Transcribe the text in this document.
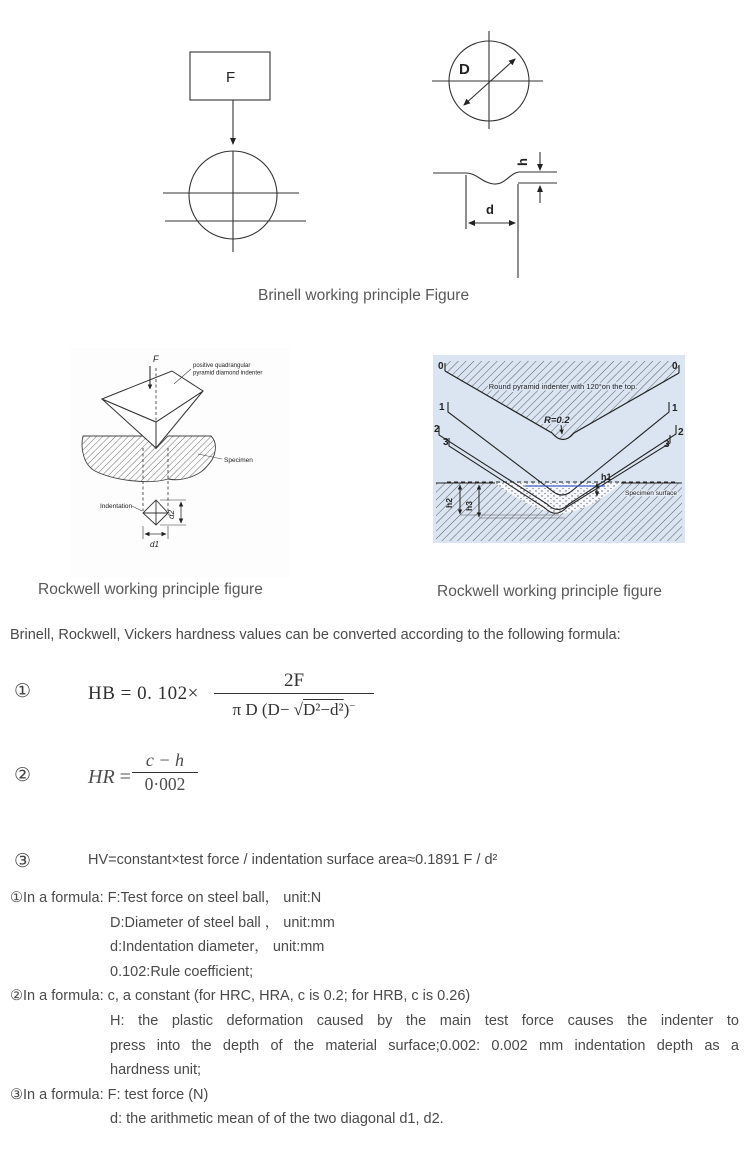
F	D
h
d
Brinell working principle Figure
F
positive quadrangular
pyramid diamond indenter
Specimen
Indentation
d2
d1
Rockwell working principle figure
Round pyramid indenter with 120°on the top.
R=0.2
Specimen surface
h1
h2 h3
0	0
1	1
2	2
3	3
Rockwell working principle figure
Brinell, Rockwell, Vickers hardness values can be converted according to the following formula:
①	HB = 0. $102\times \frac{2F}{\pi D (D- √D^2-d^2)^-}$
②	HR = $\frac{c - h}{0\cdot 002}$
③	HV=constant×test force / indentation surface area≈0.1891 F / d²
①In a formula: F:Test force on steel ball， unit:N
D:Diameter of steel ball ， unit:mm
d:Indentation diameter， unit:mm
0.102:Rule coefficient;
②In a formula: c, a constant (for HRC, HRA, c is 0.2; for HRB, c is 0.26)
H: the plastic deformation caused by the main test force causes the indenter to
press into the depth of the material surface;0.002: 0.002 mm indentation depth as a
hardness unit;
③In a formula: F: test force (N)
d: the arithmetic mean of of the two diagonal d1, d2.
